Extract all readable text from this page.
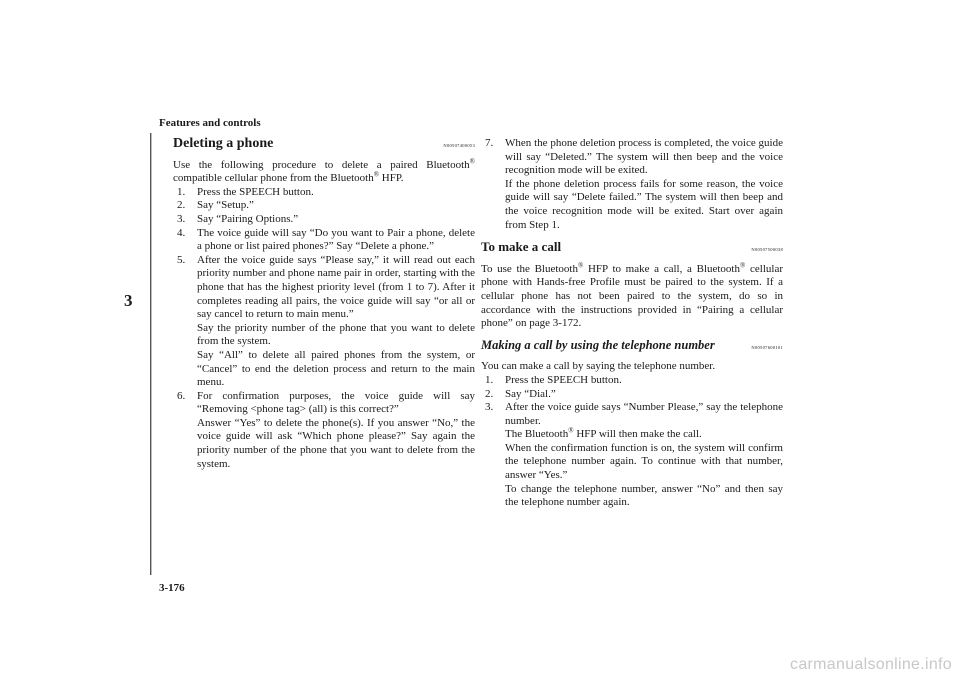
Features and controls
3
3-176
carmanualsonline.info
Deleting a phone	N00507400053

Use the following procedure to delete a paired Bluetooth® compatible cellular phone from the Bluetooth® HFP.

1.	Press the SPEECH button.
2.	Say “Setup.”
3.	Say “Pairing Options.”
4.	The voice guide will say “Do you want to Pair a phone, delete a phone or list paired phones?” Say “Delete a phone.”
5.	After the voice guide says “Please say,” it will read out each priority number and phone name pair in order, starting with the phone that has the highest priority level (from 1 to 7). After it completes reading all pairs, the voice guide will say “or all or say cancel to return to main menu.”
Say the priority number of the phone that you want to delete from the system.
Say “All” to delete all paired phones from the system, or “Cancel” to end the deletion process and return to the main menu.
6.	For confirmation purposes, the voice guide will say “Removing <phone tag> (all) is this correct?”
Answer “Yes” to delete the phone(s). If you answer “No,” the voice guide will ask “Which phone please?” Say again the priority number of the phone that you want to delete from the system.
7.	When the phone deletion process is completed, the voice guide will say “Deleted.” The system will then beep and the voice recognition mode will be exited.
If the phone deletion process fails for some reason, the voice guide will say “Delete failed.” The system will then beep and the voice recognition mode will be exited. Start over again from Step 1.
To make a call	N00507500038

To use the Bluetooth® HFP to make a call, a Bluetooth® cellular phone with Hands-free Profile must be paired to the system. If a cellular phone has not been paired to the system, do so in accordance with the instructions provided in “Pairing a cellular phone” on page 3-172.

Making a call by using the telephone number	N00507600101

You can make a call by saying the telephone number.

1.	Press the SPEECH button.
2.	Say “Dial.”
3.	After the voice guide says “Number Please,” say the telephone number.
The Bluetooth® HFP will then make the call.
When the confirmation function is on, the system will confirm the telephone number again. To continue with that number, answer “Yes.”
To change the telephone number, answer “No” and then say the telephone number again.
